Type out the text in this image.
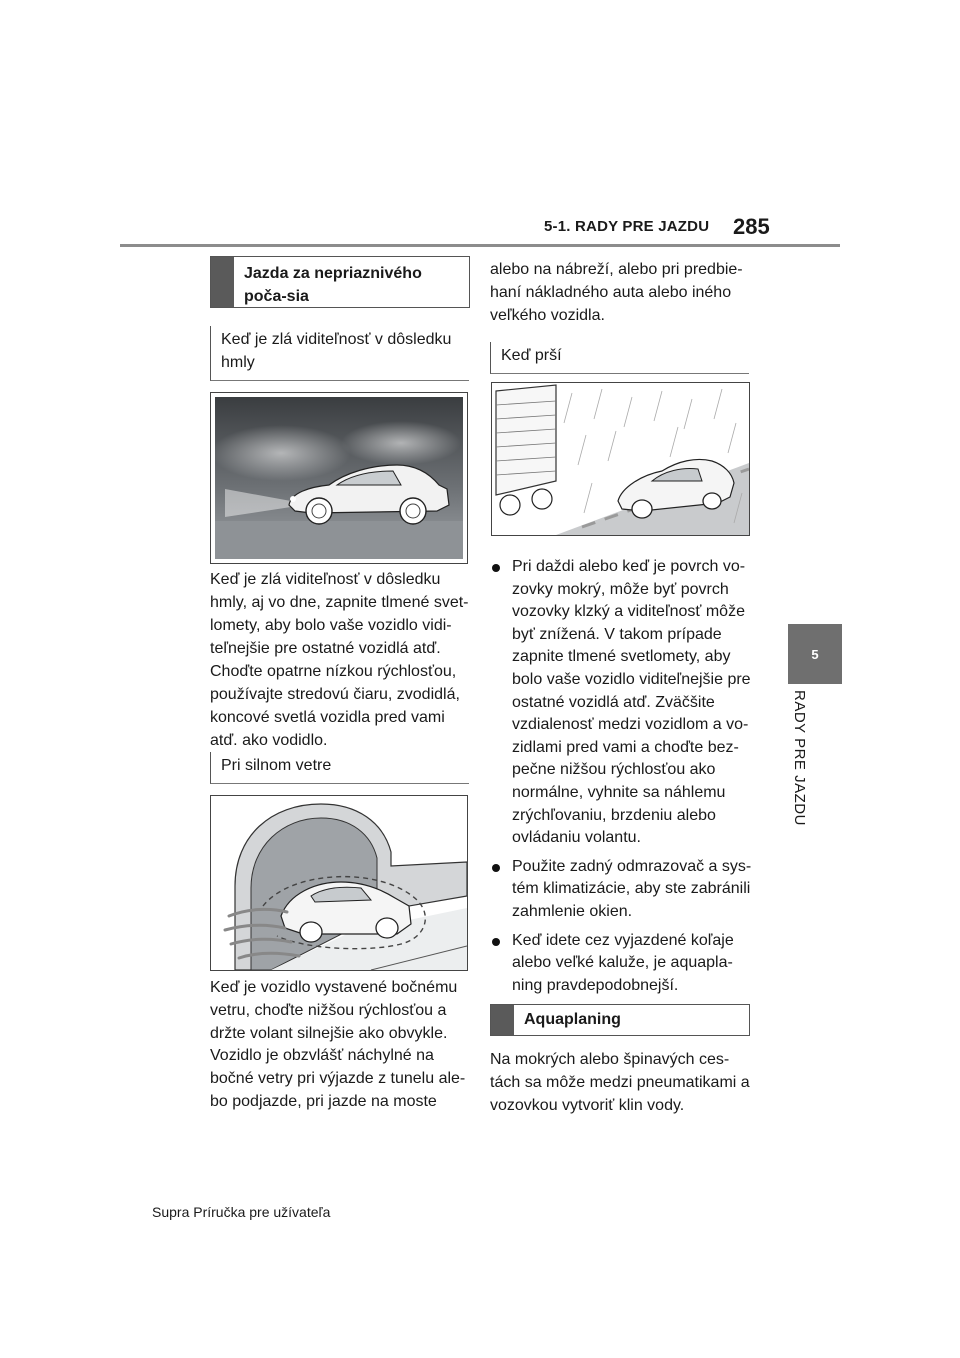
5-1. RADY PRE JAZDU 285
5
RADY PRE JAZDU
Jazda za nepriaznivého poča-sia
Keď je zlá viditeľnosť v dôsledku hmly
Keď je zlá viditeľnosť v dôsledku hmly, aj vo dne, zapnite tlmené svet-lomety, aby bolo vaše vozidlo vidi-teľnejšie pre ostatné vozidlá atď. Choďte opatrne nízkou rýchlosťou, používajte stredovú čiaru, zvodidlá, koncové svetlá vozidla pred vami atď. ako vodidlo.
Pri silnom vetre
Keď je vozidlo vystavené bočnému vetru, choďte nižšou rýchlosťou a držte volant silnejšie ako obvykle.
Vozidlo je obzvlášť náchylné na bočné vetry pri výjazde z tunelu ale-bo podjazde, pri jazde na moste
alebo na nábreží, alebo pri predbie-haní nákladného auta alebo iného veľkého vozidla.
Keď prší
Pri daždi alebo keď je povrch vo-zovky mokrý, môže byť povrch vozovky klzký a viditeľnosť môže byť znížená. V takom prípade zapnite tlmené svetlomety, aby bolo vaše vozidlo viditeľnejšie pre ostatné vozidlá atď. Zväčšite vzdialenosť medzi vozidlom a vo-zidlami pred vami a choďte bez-pečne nižšou rýchlosťou ako normálne, vyhnite sa náhlemu zrýchľovaniu, brzdeniu alebo ovládaniu volantu.
Použite zadný odmrazovač a sys-tém klimatizácie, aby ste zabránili zahmlenie okien.
Keď idete cez vyjazdené koľaje alebo veľké kaluže, je aquapla-ning pravdepodobnejší.
Aquaplaning
Na mokrých alebo špinavých ces-tách sa môže medzi pneumatikami a vozovkou vytvoriť klin vody.
Supra Príručka pre užívateľa
